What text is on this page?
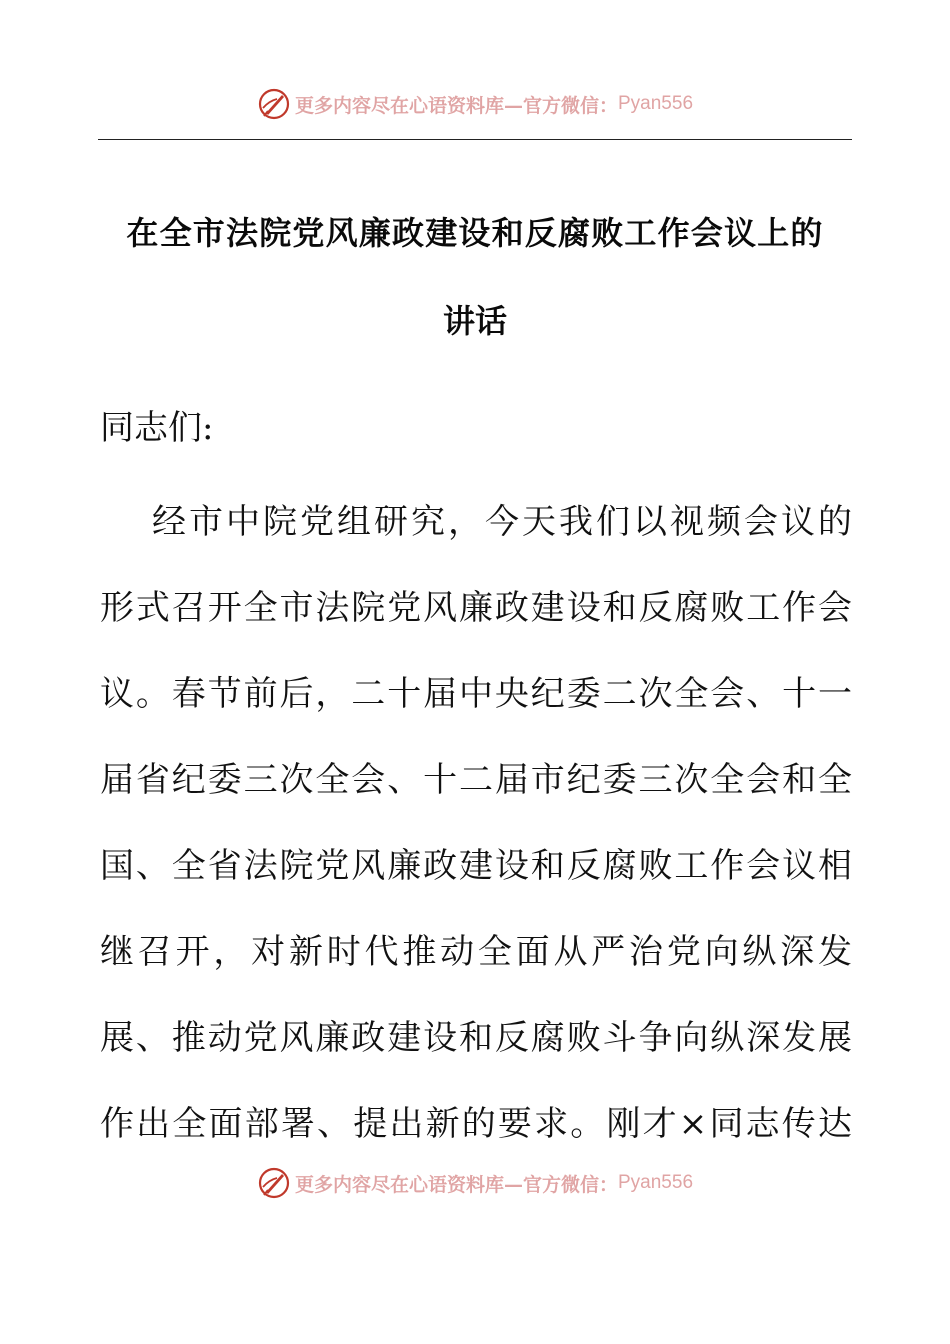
更多内容尽在心语资料库—官方微信： Pyan556
在全市法院党风廉政建设和反腐败工作会议上的
讲话
同志们:
经市中院党组研究，今天我们以视频会议的
形式召开全市法院党风廉政建设和反腐败工作会
议。春节前后，二十届中央纪委二次全会、十一
届省纪委三次全会、十二届市纪委三次全会和全
国、全省法院党风廉政建设和反腐败工作会议相
继召开，对新时代推动全面从严治党向纵深发
展、推动党风廉政建设和反腐败斗争向纵深发展
作出全面部署、提出新的要求。刚才×同志传达
更多内容尽在心语资料库—官方微信： Pyan556
